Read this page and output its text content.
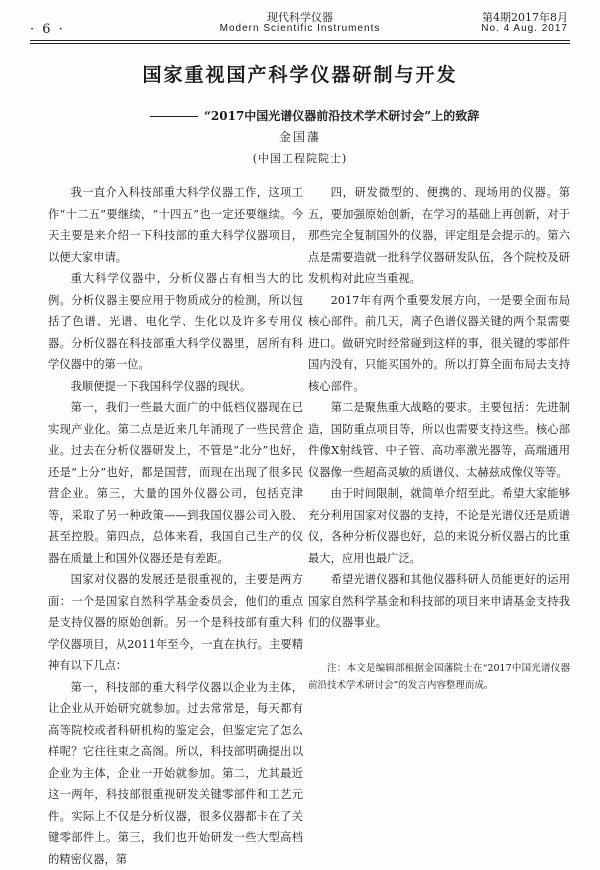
· 6 ·
现代科学仪器
Modern Scientific Instruments
第4期2017年8月
No. 4 Aug. 2017
国家重视国产科学仪器研制与开发
“2017中国光谱仪器前沿技术学术研讨会”上的致辞
金国藩
(中国工程院院士)

我一直介入科技部重大科学仪器工作，这项工作“十二五”要继续，“十四五”也一定还要继续。今天主要是来介绍一下科技部的重大科学仪器项目，以便大家申请。

重大科学仪器中，分析仪器占有相当大的比例。分析仪器主要应用于物质成分的检测，所以包括了色谱、光谱、电化学、生化以及许多专用仪器。分析仪器在科技部重大科学仪器里，居所有科学仪器中的第一位。

我顺便提一下我国科学仪器的现状。

第一，我们一些最大面广的中低档仪器现在已实现产业化。第二点是近来几年涌现了一些民营企业。过去在分析仪器研发上，不管是“北分”也好，还是“上分”也好，都是国营，而现在出现了很多民营企业。第三，大量的国外仪器公司，包括克津等，采取了另一种政策——到我国仪器公司入股、甚至控股。第四点，总体来看，我国自己生产的仪器在质量上和国外仪器还是有差距。

国家对仪器的发展还是很重视的，主要是两方面：一个是国家自然科学基金委员会，他们的重点是支持仪器的原始创新。另一个是科技部有重大科学仪器项目，从2011年至今，一直在执行。主要精神有以下几点：

第一，科技部的重大科学仪器以企业为主体，让企业从开始研究就参加。过去常常是，每天都有高等院校或者科研机构的鉴定会，但鉴定完了怎么样呢？它往往束之高阁。所以，科技部明确提出以企业为主体，企业一开始就参加。第二，尤其最近这一两年，科技部很重视研发关键零部件和工艺元件。实际上不仅是分析仪器，很多仪器都卡在了关键零部件上。第三，我们也开始研发一些大型高档的精密仪器，第

四，研发微型的、便携的、现场用的仪器。第五，要加强原始创新，在学习的基础上再创新，对于那些完全复制国外的仪器，评定组是会提示的。第六点是需要造就一批科学仪器研发队伍，各个院校及研发机构对此应当重视。

2017年有两个重要发展方向，一是要全面布局核心部件。前几天，离子色谱仪器关键的两个泵需要进口。做研究时经常碰到这样的事，很关键的零部件国内没有，只能买国外的。所以打算全面布局去支持核心部件。

第二是聚焦重大战略的要求。主要包括：先进制造，国防重点项目等，所以也需要支持这些。核心部件像X射线管、中子管、高功率激光器等，高端通用仪器像一些超高灵敏的质谱仪、太赫兹成像仪等等。

由于时间限制，就简单介绍至此。希望大家能够充分利用国家对仪器的支持，不论是光谱仪还是质谱仪，各种分析仪器也好，总的来说分析仪器占的比重最大，应用也最广泛。

希望光谱仪器和其他仪器科研人员能更好的运用国家自然科学基金和科技部的项目来申请基金支持我们的仪器事业。

注：本文是编辑部根据金国藩院士在“2017中国光谱仪器前沿技术学术研讨会”的发言内容整理而成。
